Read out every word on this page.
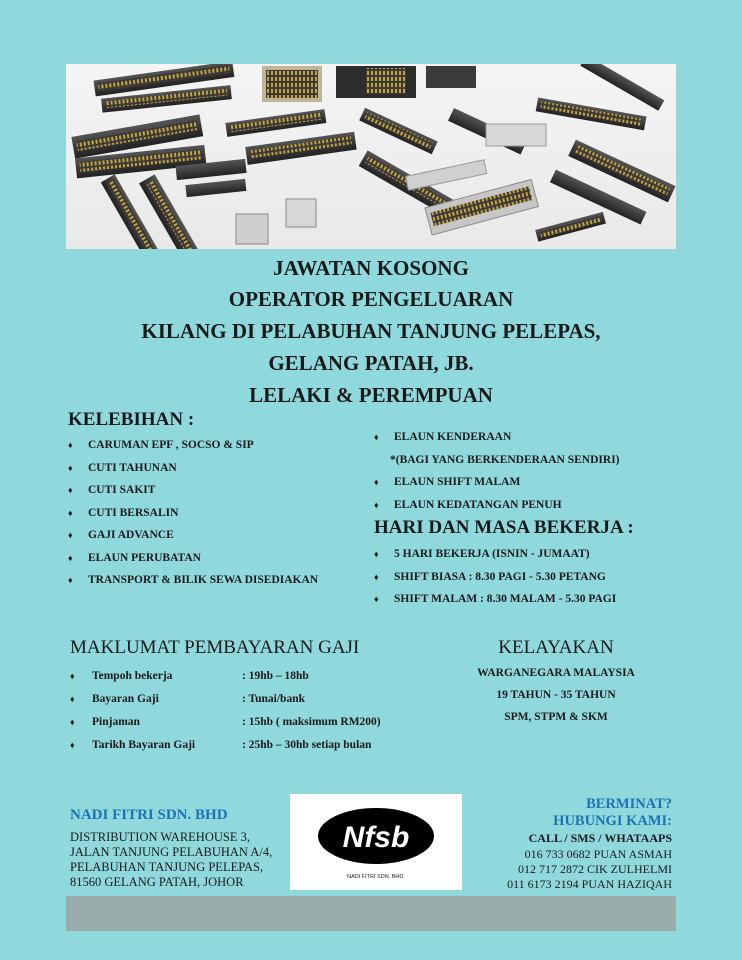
JAWATAN KOSONG
OPERATOR PENGELUARAN
KILANG DI PELABUHAN TANJUNG PELEPAS,
GELANG PATAH, JB.
LELAKI & PEREMPUAN
KELEBIHAN :
♦ CARUMAN EPF , SOCSO & SIP
♦ CUTI TAHUNAN
♦ CUTI SAKIT
♦ CUTI BERSALIN
♦ GAJI ADVANCE
♦ ELAUN PERUBATAN
♦ TRANSPORT & BILIK SEWA DISEDIAKAN
♦ ELAUN KENDERAAN
*(BAGI YANG BERKENDERAAN SENDIRI)
♦ ELAUN SHIFT MALAM
♦ ELAUN KEDATANGAN PENUH
HARI DAN MASA BEKERJA :
♦ 5 HARI BEKERJA (ISNIN - JUMAAT)
♦ SHIFT BIASA : 8.30 PAGI - 5.30 PETANG
♦ SHIFT MALAM : 8.30 MALAM - 5.30 PAGI
MAKLUMAT PEMBAYARAN GAJI
♦	Tempoh bekerja	: 19hb – 18hb
♦	Bayaran Gaji	: Tunai/bank
♦	Pinjaman	: 15hb ( maksimum RM200)
♦	Tarikh Bayaran Gaji	: 25hb – 30hb setiap bulan
KELAYAKAN
WARGANEGARA MALAYSIA
19 TAHUN - 35 TAHUN
SPM, STPM & SKM
NADI FITRI SDN. BHD
DISTRIBUTION WAREHOUSE 3,
JALAN TANJUNG PELABUHAN A/4,
PELABUHAN TANJUNG PELEPAS,
81560 GELANG PATAH, JOHOR
Nfsb
NADI FITRI SDN. BHD.
BERMINAT?
HUBUNGI KAMI:
CALL / SMS / WHATAAPS
016 733 0682 PUAN ASMAH
012 717 2872 CIK ZULHELMI
011 6173 2194 PUAN HAZIQAH
